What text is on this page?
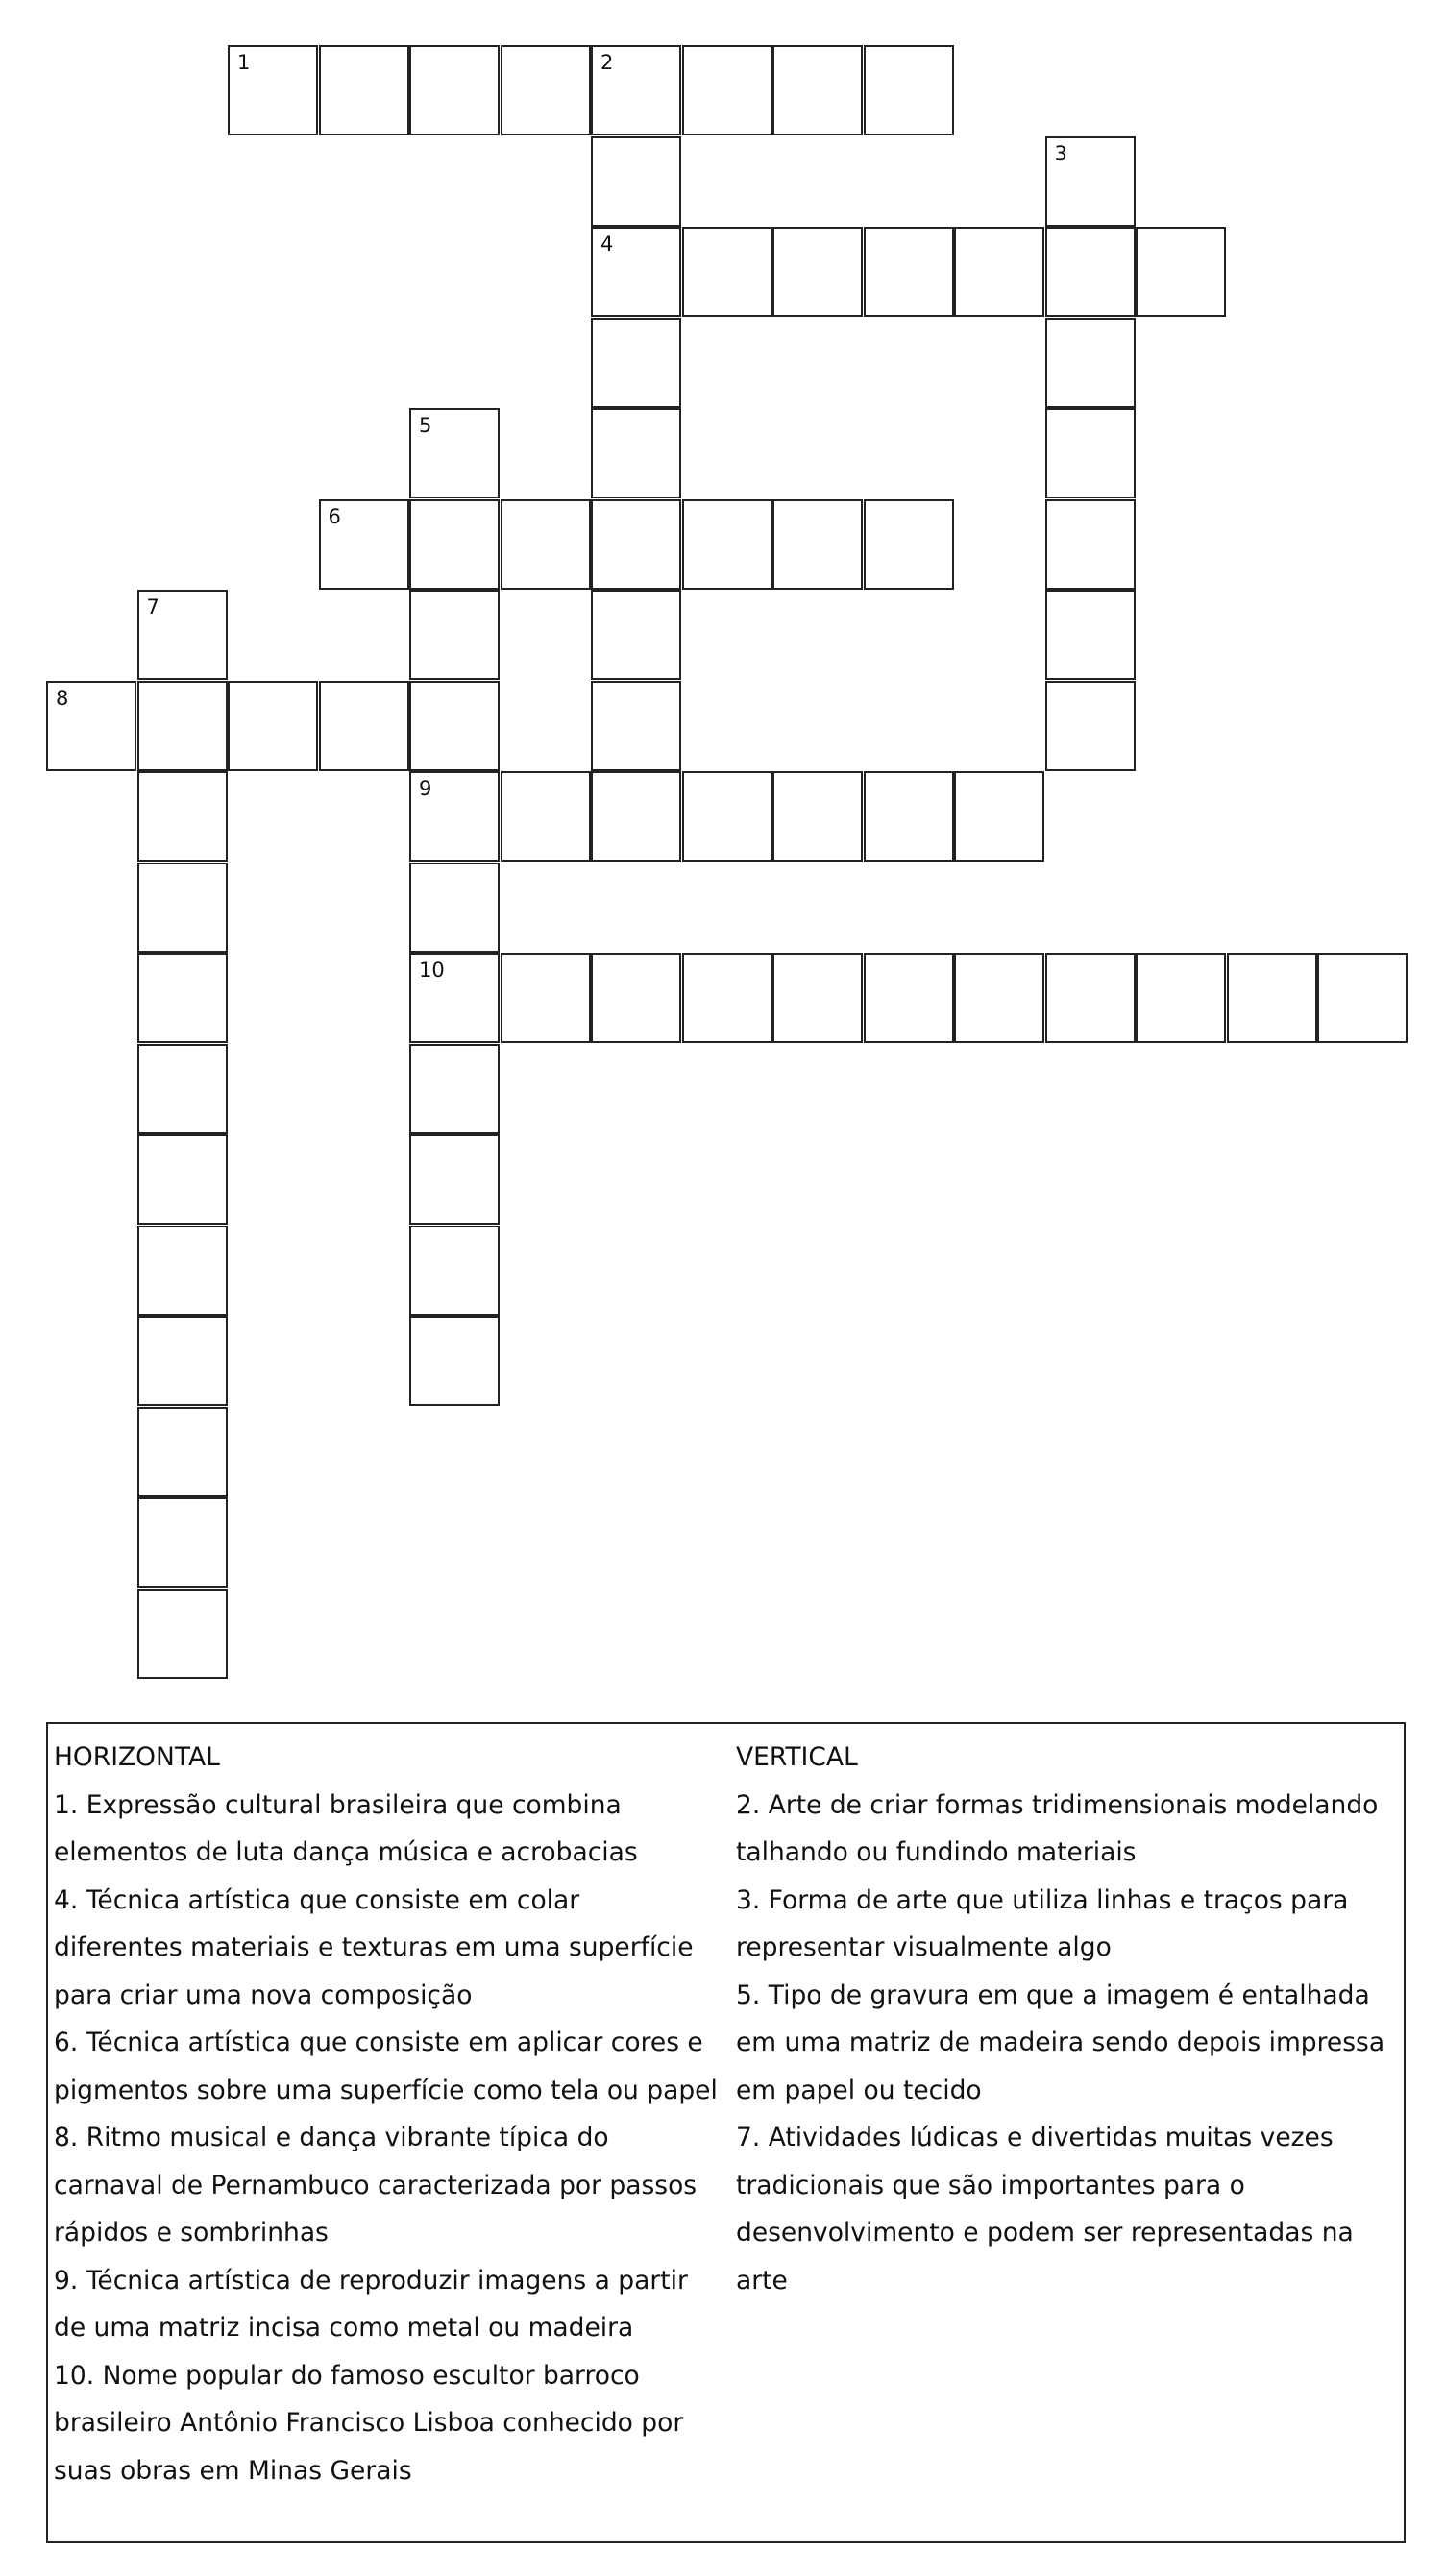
1	2
4
3
5
9
10
6
7
8
HORIZONTAL
1. Expressão cultural brasileira que combina
elementos de luta dança música e acrobacias
4. Técnica artística que consiste em colar
diferentes materiais e texturas em uma superfície
para criar uma nova composição
6. Técnica artística que consiste em aplicar cores e
pigmentos sobre uma superfície como tela ou papel
8. Ritmo musical e dança vibrante típica do
carnaval de Pernambuco caracterizada por passos
rápidos e sombrinhas
9. Técnica artística de reproduzir imagens a partir
de uma matriz incisa como metal ou madeira
10. Nome popular do famoso escultor barroco
brasileiro Antônio Francisco Lisboa conhecido por
suas obras em Minas Gerais
VERTICAL
2. Arte de criar formas tridimensionais modelando
talhando ou fundindo materiais
3. Forma de arte que utiliza linhas e traços para
representar visualmente algo
5. Tipo de gravura em que a imagem é entalhada
em uma matriz de madeira sendo depois impressa
em papel ou tecido
7. Atividades lúdicas e divertidas muitas vezes
tradicionais que são importantes para o
desenvolvimento e podem ser representadas na
arte
